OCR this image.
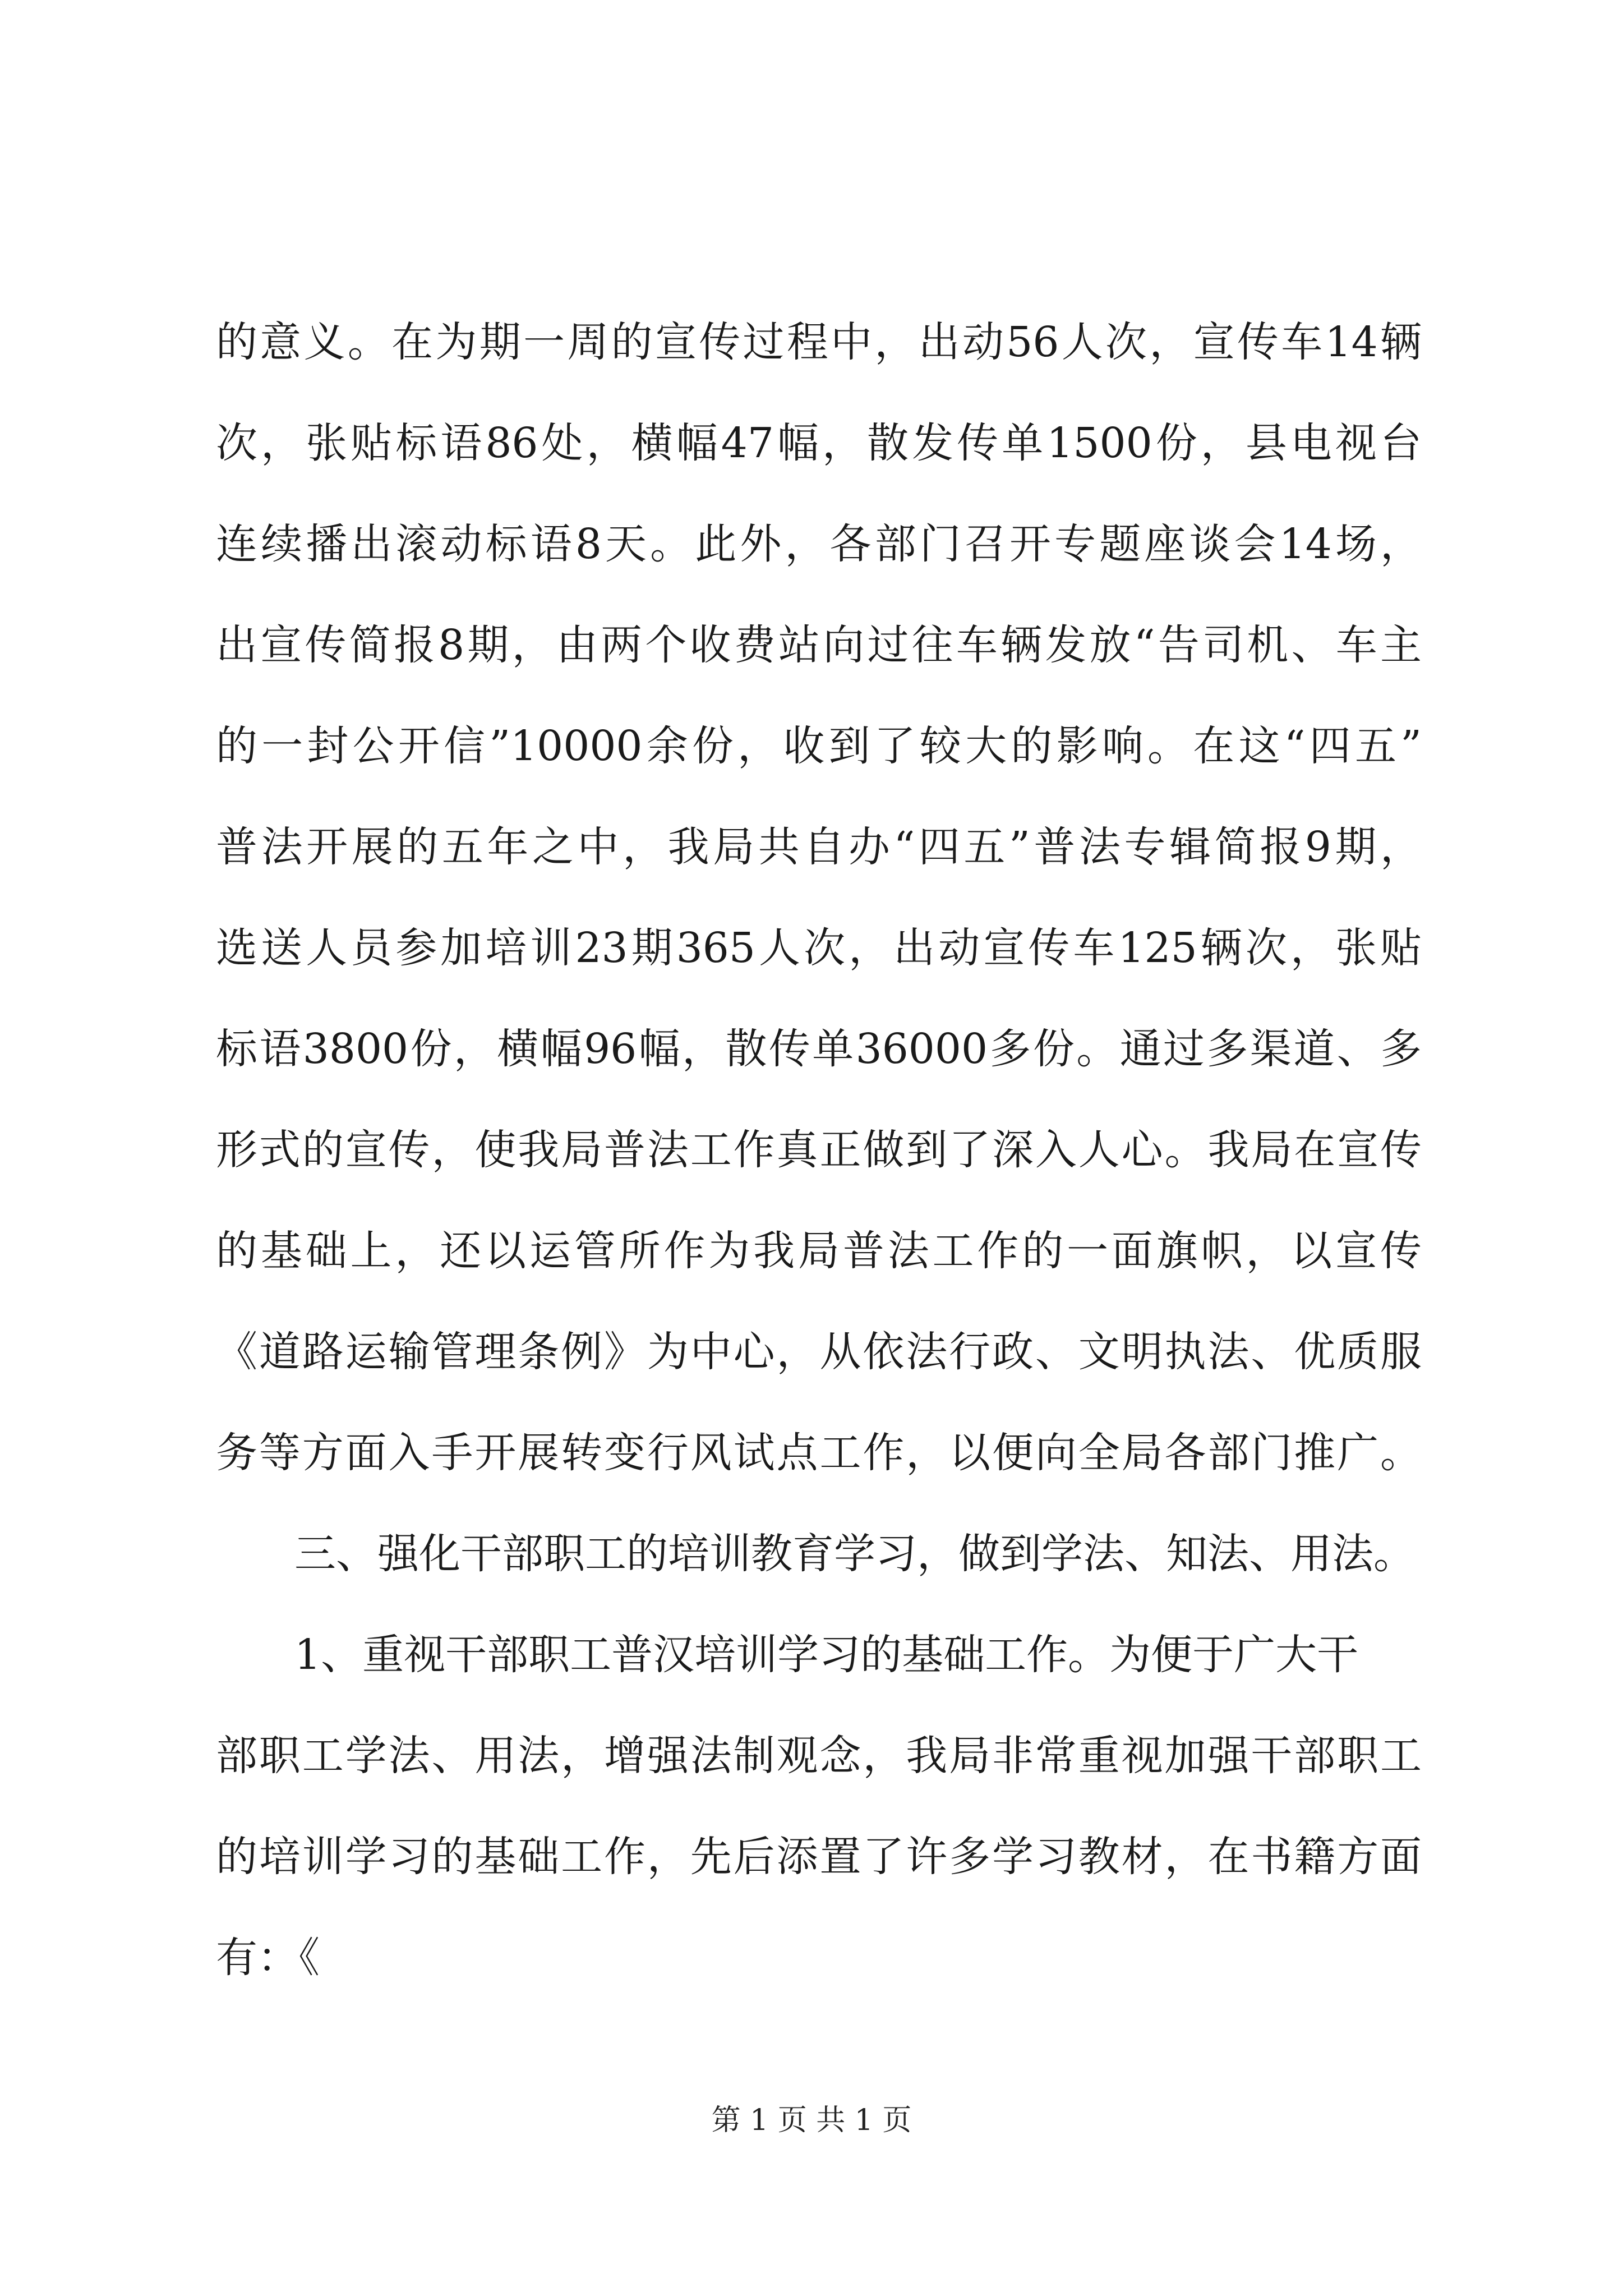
的意义。在为期一周的宣传过程中，出动56人次，宣传车14辆
次，张贴标语86处，横幅47幅，散发传单1500份，县电视台
连续播出滚动标语8天。此外，各部门召开专题座谈会14场，
出宣传简报8期，由两个收费站向过往车辆发放“告司机、车主
的一封公开信”10000余份，收到了较大的影响。在这“四五”
普法开展的五年之中，我局共自办“四五”普法专辑简报9期，
选送人员参加培训23期365人次，出动宣传车125辆次，张贴
标语3800份，横幅96幅，散传单36000多份。通过多渠道、多
形式的宣传，使我局普法工作真正做到了深入人心。我局在宣传
的基础上，还以运管所作为我局普法工作的一面旗帜，以宣传
《道路运输管理条例》为中心，从依法行政、文明执法、优质服
务等方面入手开展转变行风试点工作，以便向全局各部门推广。
三、强化干部职工的培训教育学习，做到学法、知法、用法。
1、重视干部职工普汉培训学习的基础工作。为便于广大干
部职工学法、用法，增强法制观念，我局非常重视加强干部职工
的培训学习的基础工作，先后添置了许多学习教材，在书籍方面
有：《
第 1 页 共 1 页
